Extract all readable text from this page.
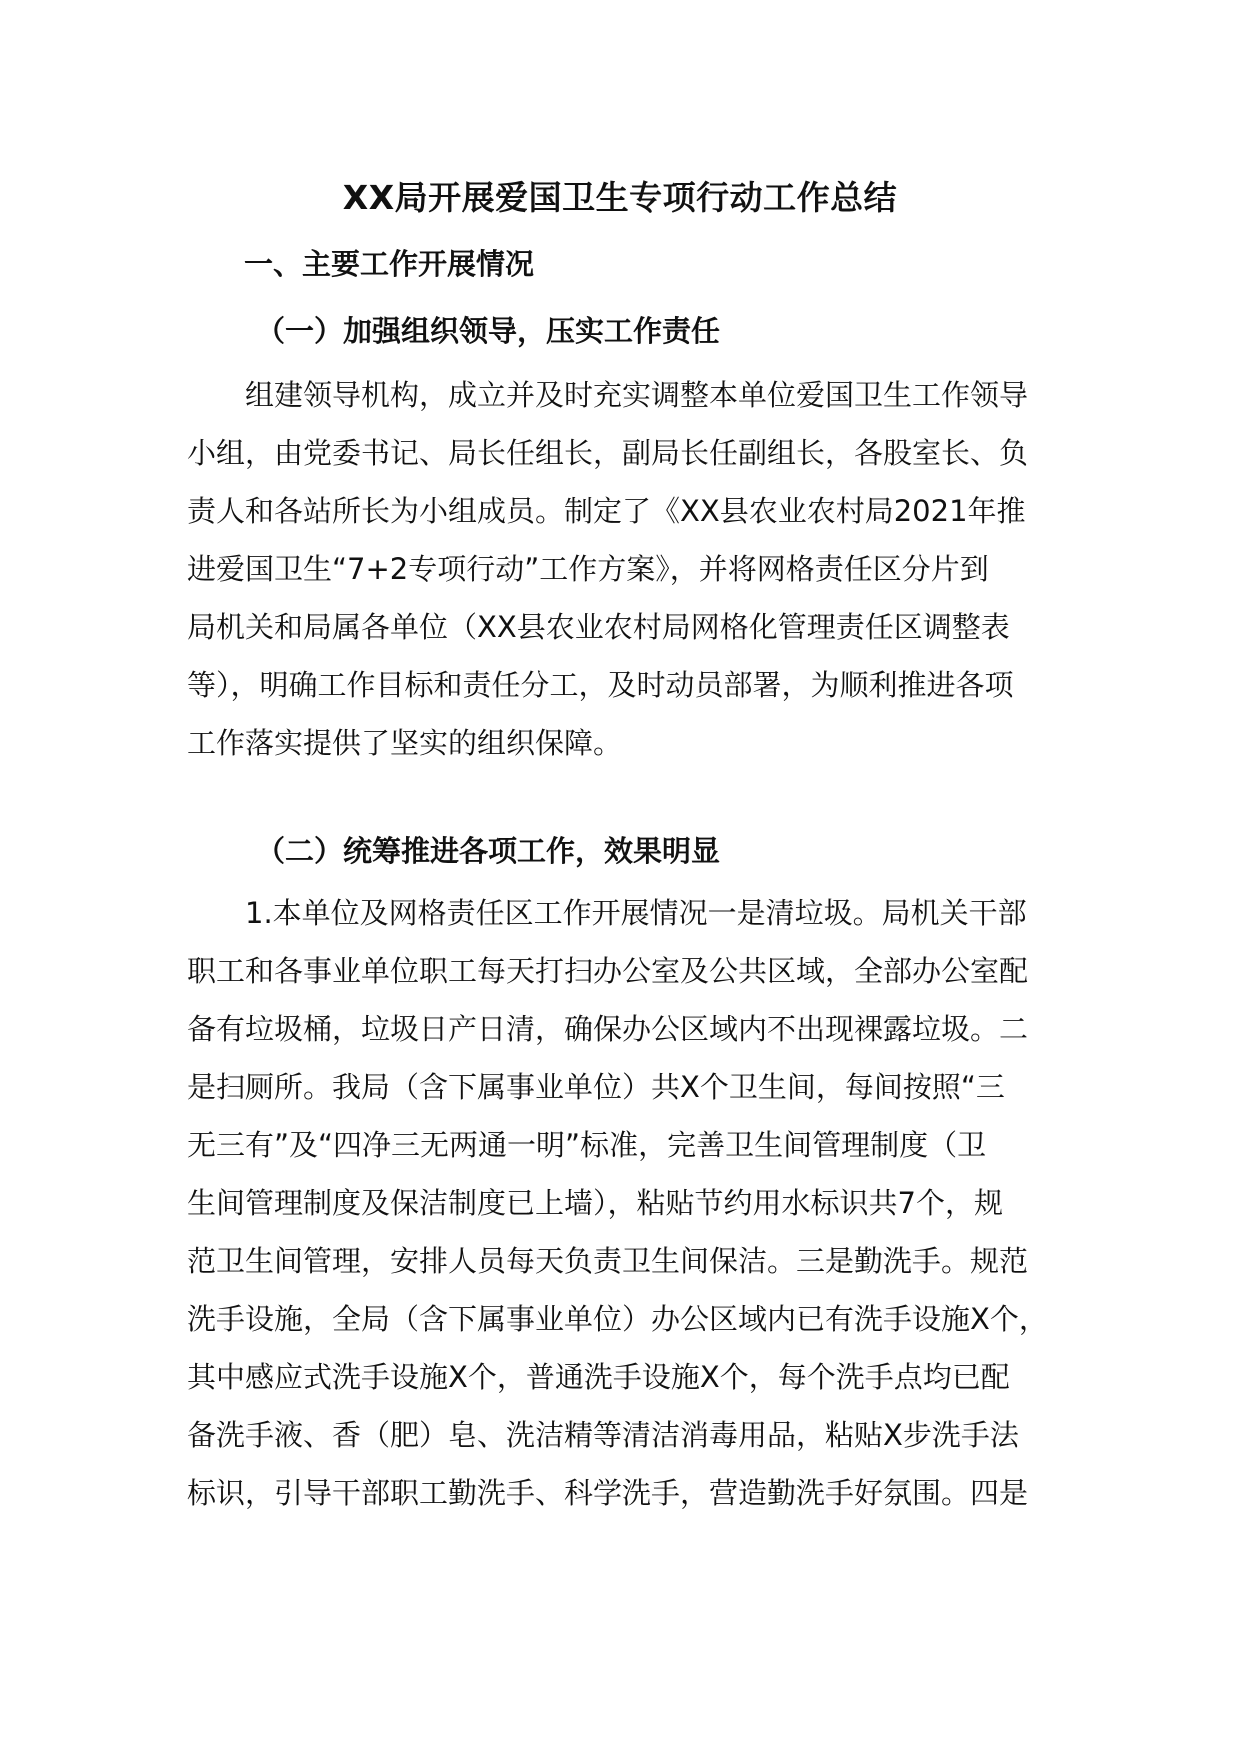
XX局开展爱国卫生专项行动工作总结
一、主要工作开展情况
（一）加强组织领导，压实工作责任
组建领导机构，成立并及时充实调整本单位爱国卫生工作领导
小组，由党委书记、局长任组长，副局长任副组长，各股室长、负
责人和各站所长为小组成员。制定了《XX县农业农村局2021年推
进爱国卫生“7+2专项行动”工作方案》，并将网格责任区分片到
局机关和局属各单位（XX县农业农村局网格化管理责任区调整表
等），明确工作目标和责任分工，及时动员部署，为顺利推进各项
工作落实提供了坚实的组织保障。
（二）统筹推进各项工作，效果明显
1.本单位及网格责任区工作开展情况一是清垃圾。局机关干部
职工和各事业单位职工每天打扫办公室及公共区域，全部办公室配
备有垃圾桶，垃圾日产日清，确保办公区域内不出现裸露垃圾。二
是扫厕所。我局（含下属事业单位）共X个卫生间，每间按照“三
无三有”及“四净三无两通一明”标准，完善卫生间管理制度（卫
生间管理制度及保洁制度已上墙），粘贴节约用水标识共7个，规
范卫生间管理，安排人员每天负责卫生间保洁。三是勤洗手。规范
洗手设施，全局（含下属事业单位）办公区域内已有洗手设施X个，
其中感应式洗手设施X个，普通洗手设施X个，每个洗手点均已配
备洗手液、香（肥）皂、洗洁精等清洁消毒用品，粘贴X步洗手法
标识，引导干部职工勤洗手、科学洗手，营造勤洗手好氛围。四是
